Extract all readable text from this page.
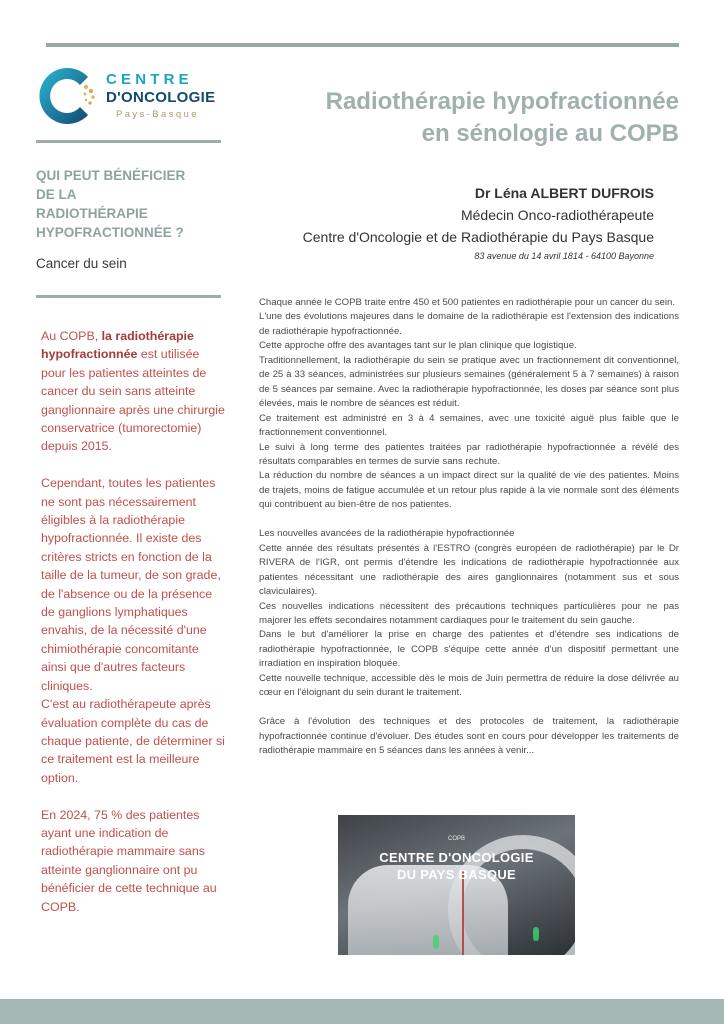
CENTRE
D'ONCOLOGIE
Pays-Basque
QUI PEUT BÉNÉFICIER
DE LA
RADIOTHÉRAPIE
HYPOFRACTIONNÉE ?
Cancer du sein

Au COPB, la radiothérapie hypofractionnée est utilisée pour les patientes atteintes de cancer du sein sans atteinte ganglionnaire après une chirurgie conservatrice (tumorectomie) depuis 2015.

Cependant, toutes les patientes ne sont pas nécessairement éligibles à la radiothérapie hypofractionnée. Il existe des critères stricts en fonction de la taille de la tumeur, de son grade, de l'absence ou de la présence de ganglions lymphatiques envahis, de la nécessité d'une chimiothérapie concomitante ainsi que d'autres facteurs cliniques.

C'est au radiothérapeute après évaluation complète du cas de chaque patiente, de déterminer si ce traitement est la meilleure option.

En 2024, 75 % des patientes ayant une indication de radiothérapie mammaire sans atteinte ganglionnaire ont pu bénéficier de cette technique au COPB.

Radiothérapie hypofractionnée
en sénologie au COPB
Dr Léna ALBERT DUFROIS
Médecin Onco-radiothérapeute
Centre d'Oncologie et de Radiothérapie du Pays Basque
83 avenue du 14 avril 1814 - 64100 Bayonne

Chaque année le COPB traite entre 450 et 500 patientes en radiothérapie pour un cancer du sein.

L'une des évolutions majeures dans le domaine de la radiothérapie est l'extension des indications de radiothérapie hypofractionnée.

Cette approche offre des avantages tant sur le plan clinique que logistique.

Traditionnellement, la radiothérapie du sein se pratique avec un fractionnement dit conventionnel, de 25 à 33 séances, administrées sur plusieurs semaines (généralement 5 à 7 semaines) à raison de 5 séances par semaine. Avec la radiothérapie hypofractionnée, les doses par séance sont plus élevées, mais le nombre de séances est réduit.

Ce traitement est administré en 3 à 4 semaines, avec une toxicité aiguë plus faible que le fractionnement conventionnel.

Le suivi à long terme des patientes traitées par radiothérapie hypofractionnée a révélé des résultats comparables en termes de survie sans rechute.

La réduction du nombre de séances a un impact direct sur la qualité de vie des patientes. Moins de trajets, moins de fatigue accumulée et un retour plus rapide à la vie normale sont des éléments qui contribuent au bien-être de nos patientes.

Les nouvelles avancées de la radiothérapie hypofractionnée

Cette année des résultats présentés à l'ESTRO (congrès européen de radiothérapie) par le Dr RIVERA de l'IGR, ont permis d'étendre les indications de radiothérapie hypofractionnée aux patientes nécessitant une radiothérapie des aires ganglionnaires (notamment sus et sous claviculaires).

Ces nouvelles indications nécessitent des précautions techniques particulières pour ne pas majorer les effets secondaires notamment cardiaques pour le traitement du sein gauche.

Dans le but d'améliorer la prise en charge des patientes et d'étendre ses indications de radiothérapie hypofractionnée, le COPB s'équipe cette année d'un dispositif permettant une irradiation en inspiration bloquée.

Cette nouvelle technique, accessible dès le mois de Juin permettra de réduire la dose délivrée au cœur en l'éloignant du sein durant le traitement.

Grâce à l'évolution des techniques et des protocoles de traitement, la radiothérapie hypofractionnée continue d'évoluer. Des études sont en cours pour développer les traitements de radiothérapie mammaire en 5 séances dans les années à venir...

COPB
CENTRE D'ONCOLOGIE
DU PAYS BASQUE
